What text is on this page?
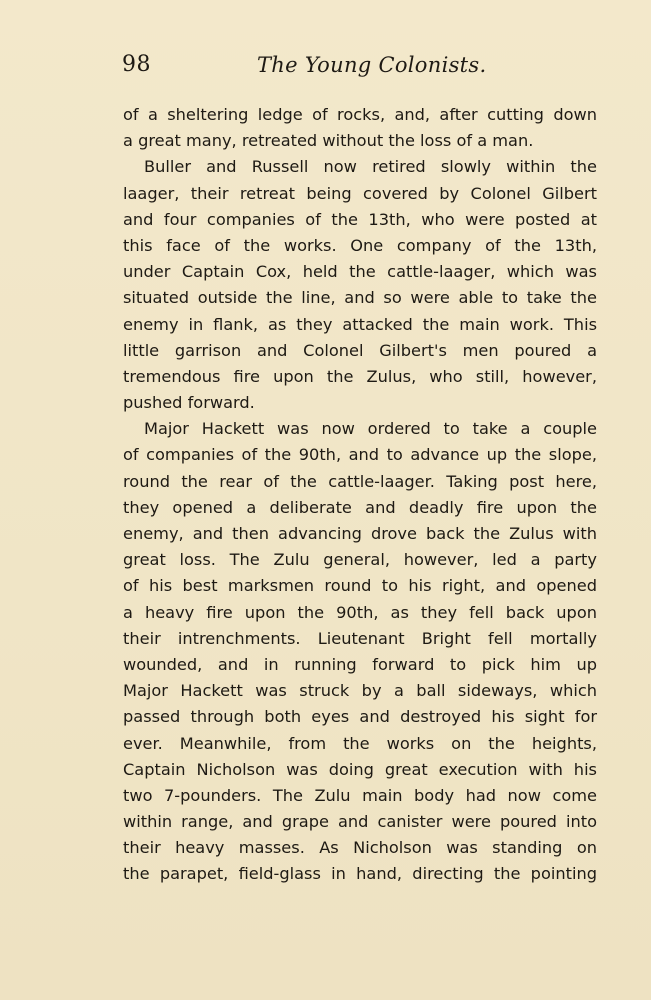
98	The Young Colonists.
of a sheltering ledge of rocks, and, after cutting down
a great many, retreated without the loss of a man.
Buller and Russell now retired slowly within the
laager, their retreat being covered by Colonel Gilbert
and four companies of the 13th, who were posted at
this face of the works. One company of the 13th,
under Captain Cox, held the cattle-laager, which was
situated outside the line, and so were able to take the
enemy in flank, as they attacked the main work. This
little garrison and Colonel Gilbert's men poured a
tremendous fire upon the Zulus, who still, however,
pushed forward.
Major Hackett was now ordered to take a couple
of companies of the 90th, and to advance up the slope,
round the rear of the cattle-laager. Taking post here,
they opened a deliberate and deadly fire upon the
enemy, and then advancing drove back the Zulus with
great loss. The Zulu general, however, led a party
of his best marksmen round to his right, and opened
a heavy fire upon the 90th, as they fell back upon
their intrenchments. Lieutenant Bright fell mortally
wounded, and in running forward to pick him up
Major Hackett was struck by a ball sideways, which
passed through both eyes and destroyed his sight for
ever. Meanwhile, from the works on the heights,
Captain Nicholson was doing great execution with his
two 7-pounders. The Zulu main body had now come
within range, and grape and canister were poured into
their heavy masses. As Nicholson was standing on
the parapet, field-glass in hand, directing the pointing
